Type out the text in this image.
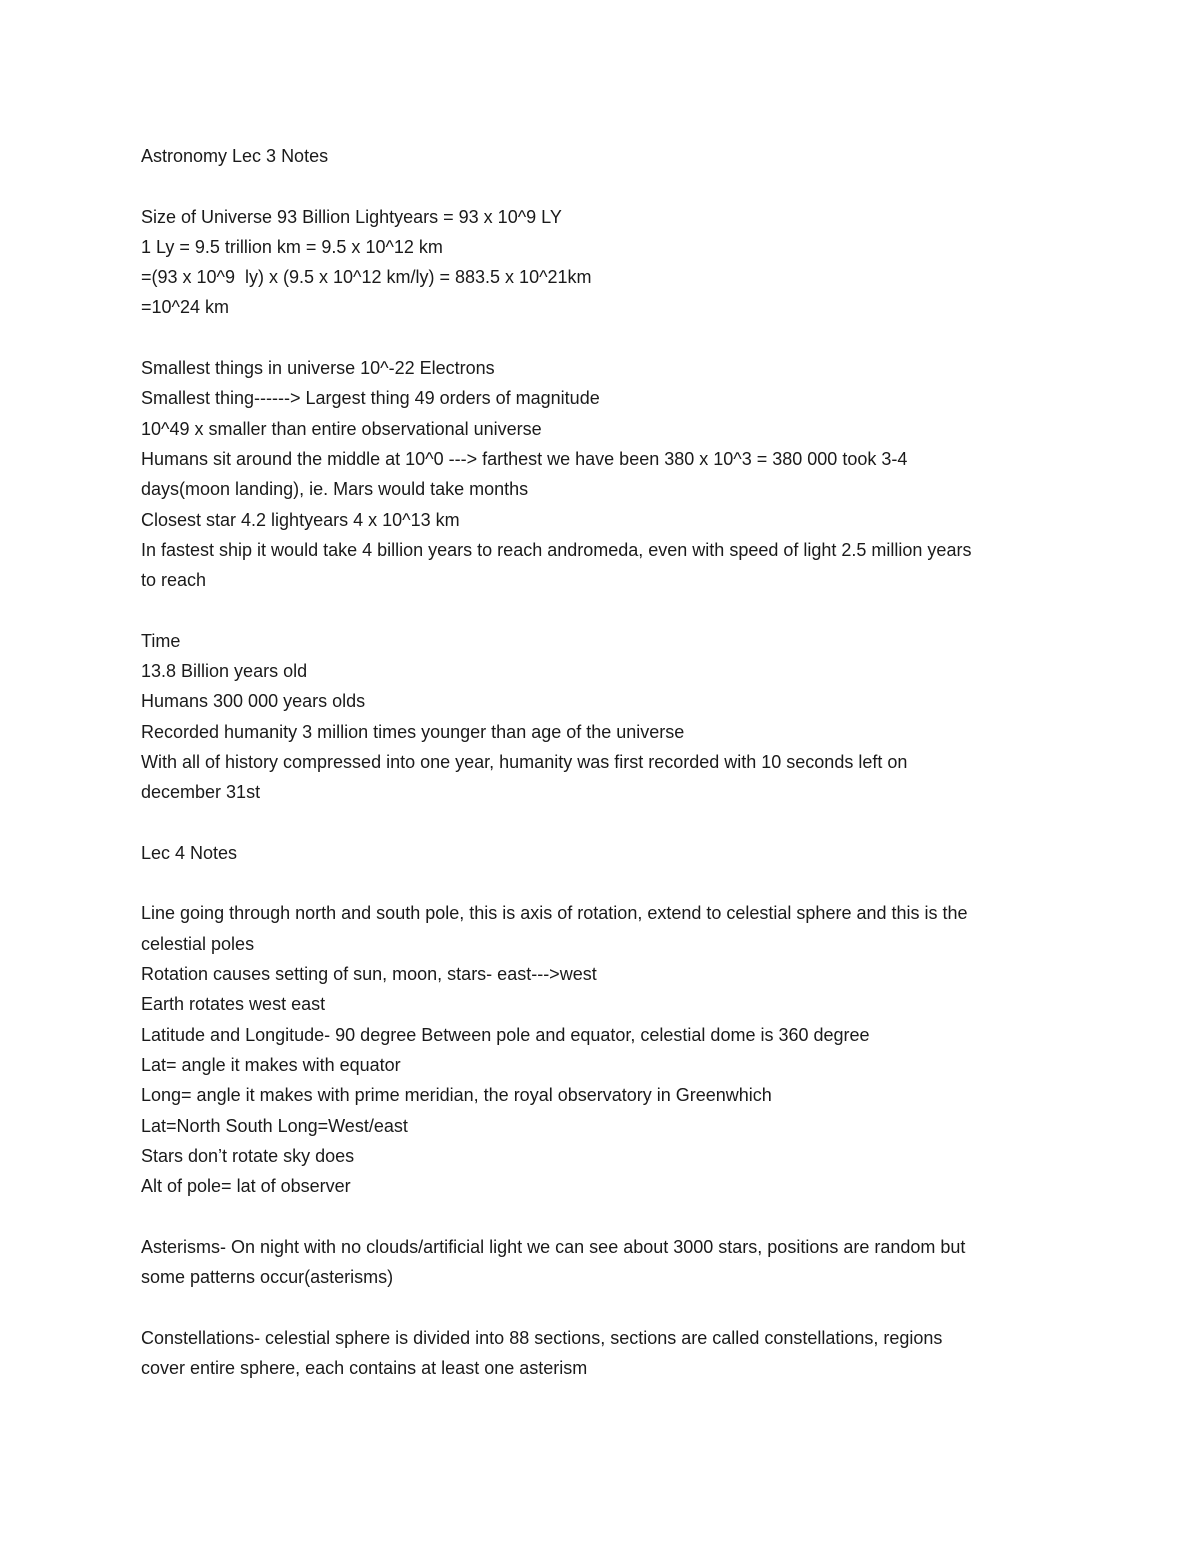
Astronomy Lec 3 Notes
Size of Universe 93 Billion Lightyears = 93 x 10^9 LY
1 Ly = 9.5 trillion km = 9.5 x 10^12 km
=(93 x 10^9  ly) x (9.5 x 10^12 km/ly) = 883.5 x 10^21km
=10^24 km
Smallest things in universe 10^-22 Electrons
Smallest thing------> Largest thing 49 orders of magnitude
10^49 x smaller than entire observational universe
Humans sit around the middle at 10^0 ---> farthest we have been 380 x 10^3 = 380 000 took 3-4
days(moon landing), ie. Mars would take months
Closest star 4.2 lightyears 4 x 10^13 km
In fastest ship it would take 4 billion years to reach andromeda, even with speed of light 2.5 million years
to reach
Time
13.8 Billion years old
Humans 300 000 years olds
Recorded humanity 3 million times younger than age of the universe
With all of history compressed into one year, humanity was first recorded with 10 seconds left on
december 31st
Lec 4 Notes
Line going through north and south pole, this is axis of rotation, extend to celestial sphere and this is the
celestial poles
Rotation causes setting of sun, moon, stars- east--->west
Earth rotates west east
Latitude and Longitude- 90 degree Between pole and equator, celestial dome is 360 degree
Lat= angle it makes with equator
Long= angle it makes with prime meridian, the royal observatory in Greenwhich
Lat=North South Long=West/east
Stars don’t rotate sky does
Alt of pole= lat of observer
Asterisms- On night with no clouds/artificial light we can see about 3000 stars, positions are random but
some patterns occur(asterisms)
Constellations- celestial sphere is divided into 88 sections, sections are called constellations, regions
cover entire sphere, each contains at least one asterism
